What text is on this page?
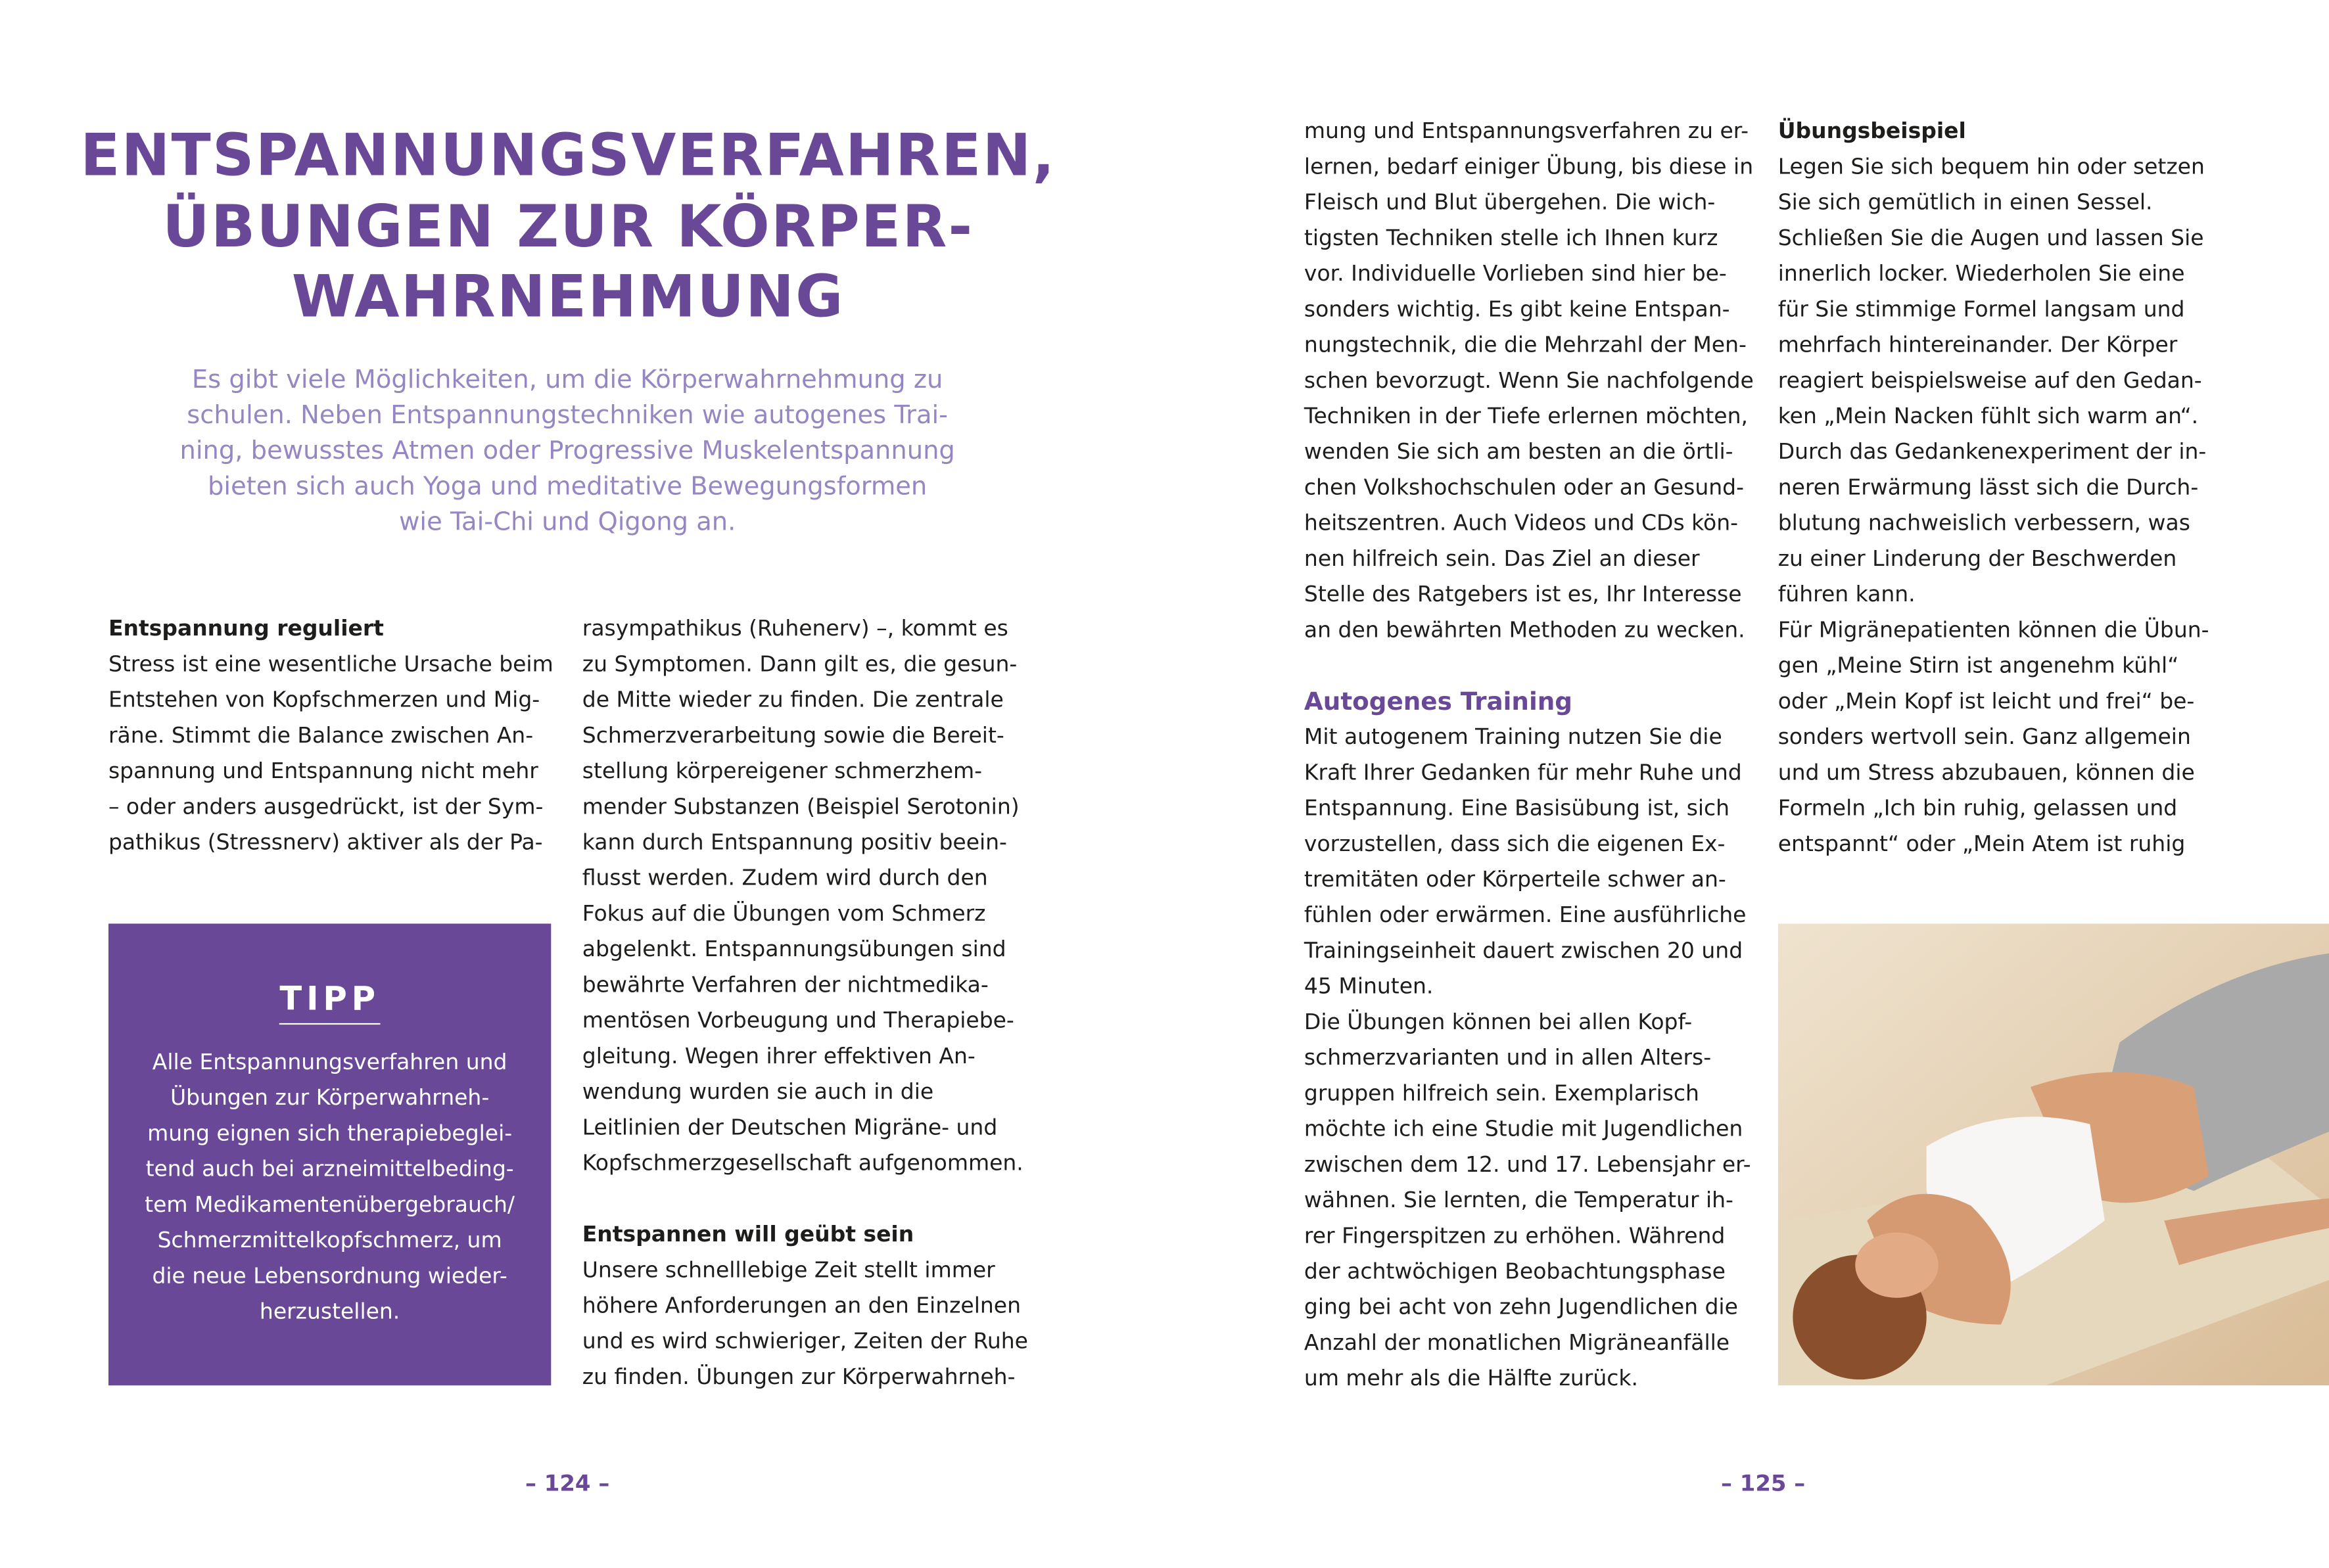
ENTSPANNUNGSVERFAHREN,
ÜBUNGEN ZUR KÖRPER-
WAHRNEHMUNG
Es gibt viele Möglichkeiten, um die Körperwahrnehmung zu
schulen. Neben Entspannungstechniken wie autogenes Trai-
ning, bewusstes Atmen oder Progressive Muskelentspannung
bieten sich auch Yoga und meditative Bewegungsformen
wie Tai-Chi und Qigong an.
Entspannung reguliert
Stress ist eine wesentliche Ursache beim
Entstehen von Kopfschmerzen und Mig-
räne. Stimmt die Balance zwischen An-
spannung und Entspannung nicht mehr
– oder anders ausgedrückt, ist der Sym-
pathikus (Stressnerv) aktiver als der Pa-
rasympathikus (Ruhenerv) –, kommt es
zu Symptomen. Dann gilt es, die gesun-
de Mitte wieder zu finden. Die zentrale
Schmerzverarbeitung sowie die Bereit-
stellung körpereigener schmerzhem-
mender Substanzen (Beispiel Serotonin)
kann durch Entspannung positiv beein-
flusst werden. Zudem wird durch den
Fokus auf die Übungen vom Schmerz
abgelenkt. Entspannungsübungen sind
bewährte Verfahren der nichtmedika-
mentösen Vorbeugung und Therapiebe-
gleitung. Wegen ihrer effektiven An-
wendung wurden sie auch in die
Leitlinien der Deutschen Migräne- und
Kopfschmerzgesellschaft aufgenommen.
Entspannen will geübt sein
Unsere schnelllebige Zeit stellt immer
höhere Anforderungen an den Einzelnen
und es wird schwieriger, Zeiten der Ruhe
zu finden. Übungen zur Körperwahrneh-
mung und Entspannungsverfahren zu er-
lernen, bedarf einiger Übung, bis diese in
Fleisch und Blut übergehen. Die wich-
tigsten Techniken stelle ich Ihnen kurz
vor. Individuelle Vorlieben sind hier be-
sonders wichtig. Es gibt keine Entspan-
nungstechnik, die die Mehrzahl der Men-
schen bevorzugt. Wenn Sie nachfolgende
Techniken in der Tiefe erlernen möchten,
wenden Sie sich am besten an die örtli-
chen Volkshochschulen oder an Gesund-
heitszentren. Auch Videos und CDs kön-
nen hilfreich sein. Das Ziel an dieser
Stelle des Ratgebers ist es, Ihr Interesse
an den bewährten Methoden zu wecken.
Autogenes Training
Mit autogenem Training nutzen Sie die
Kraft Ihrer Gedanken für mehr Ruhe und
Entspannung. Eine Basisübung ist, sich
vorzustellen, dass sich die eigenen Ex-
tremitäten oder Körperteile schwer an-
fühlen oder erwärmen. Eine ausführliche
Trainingseinheit dauert zwischen 20 und
45 Minuten.
Die Übungen können bei allen Kopf-
schmerzvarianten und in allen Alters-
gruppen hilfreich sein. Exemplarisch
möchte ich eine Studie mit Jugendlichen
zwischen dem 12. und 17. Lebensjahr er-
wähnen. Sie lernten, die Temperatur ih-
rer Fingerspitzen zu erhöhen. Während
der achtwöchigen Beobachtungsphase
ging bei acht von zehn Jugendlichen die
Anzahl der monatlichen Migräneanfälle
um mehr als die Hälfte zurück.
Übungsbeispiel
Legen Sie sich bequem hin oder setzen
Sie sich gemütlich in einen Sessel.
Schließen Sie die Augen und lassen Sie
innerlich locker. Wiederholen Sie eine
für Sie stimmige Formel langsam und
mehrfach hintereinander. Der Körper
reagiert beispielsweise auf den Gedan-
ken „Mein Nacken fühlt sich warm an“.
Durch das Gedankenexperiment der in-
neren Erwärmung lässt sich die Durch-
blutung nachweislich verbessern, was
zu einer Linderung der Beschwerden
führen kann.
Für Migränepatienten können die Übun-
gen „Meine Stirn ist angenehm kühl“
oder „Mein Kopf ist leicht und frei“ be-
sonders wertvoll sein. Ganz allgemein
und um Stress abzubauen, können die
Formeln „Ich bin ruhig, gelassen und
entspannt“ oder „Mein Atem ist ruhig
TIPP
Alle Entspannungsverfahren und
Übungen zur Körperwahrneh-
mung eignen sich therapiebeglei-
tend auch bei arzneimittelbeding-
tem Medikamentenübergebrauch/
Schmerzmittelkopfschmerz, um
die neue Lebensordnung wieder-
herzustellen.
– 124 –	– 125 –
